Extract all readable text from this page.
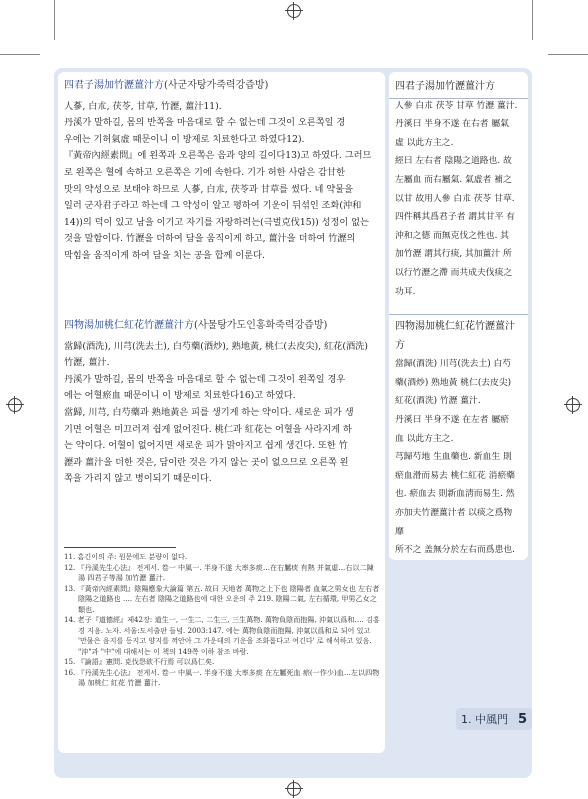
四君子湯加竹瀝薑汁方(사군자탕가죽력강즙방)
人蔘, 白朮, 茯苓, 甘草, 竹瀝, 薑汁11).
丹溪가 말하길, 몸의 반쪽을 마음대로 할 수 없는데 그것이 오른쪽일 경
우에는 기허氣虛 때문이니 이 방제로 치료한다고 하였다12).
『黃帝內經素問』에 왼쪽과 오른쪽은 음과 양의 길이다13)고 하였다. 그러므
로 왼쪽은 혈에 속하고 오른쪽은 기에 속한다. 기가 허한 사람은 감甘한
맛의 약성으로 보태야 하므로 人蔘, 白朮, 茯苓과 甘草를 썼다. 네 약물을
일러 군자君子라고 하는데 그 약성이 알고 평하여 기운이 뒤섞인 조화(沖和
14))의 덕이 있고 남을 이기고 자기를 자랑하려는(극벌克伐15)) 성정이 없는
것을 말함이다. 竹瀝을 더하여 담을 움직이게 하고, 薑汁을 더하여 竹瀝의
막힘을 움직이게 하여 담을 치는 공을 합께 이룬다.
四物湯加桃仁紅花竹瀝薑汁方(사물탕가도인홍화죽력강즙방)
當歸(酒洗), 川芎(洗去土), 白芍藥(酒炒), 熟地黃, 桃仁(去皮尖), 紅花(酒洗)
竹瀝, 薑汁.
丹溪가 말하길, 몸의 반쪽을 마음대로 할 수 없는데 그것이 왼쪽일 경우
에는 어혈瘀血 때문이니 이 방제로 치료한다16)고 하였다.
當歸, 川芎, 白芍藥과 熟地黃은 피를 생기게 하는 약이다. 새로운 피가 생
기면 어혈은 미끄러져 쉽게 없어진다. 桃仁과 紅花는 어혈을 사라지게 하
는 약이다. 어혈이 없어지면 새로운 피가 맑아지고 쉽게 생긴다. 또한 竹
瀝과 薑汁을 더한 것은, 담이란 것은 가지 않는 곳이 없으므로 오른쪽 왼
쪽을 가리지 않고 병이되기 때문이다.
四君子湯加竹瀝薑汁方
人參 白朮 茯苓 甘草 竹瀝 薑汁.
丹溪曰 半身不遂 在右者 屬氣
虛 以此方主之.
經曰 左右者 陰陽之道路也. 故
左屬血 而右屬氣. 氣虛者 補之
以甘 故用人參 白朮 茯苓 甘草.
四件稱其爲君子者 謂其甘平 有
沖和之德 而無克伐之性也. 其
加竹瀝 謂其行痰, 其加薑汁 所
以行竹瀝之滯 而共成夫伐痰之
功耳.
四物湯加桃仁紅花竹瀝薑汁方
當歸(酒洗) 川芎(洗去土) 白芍
藥(酒炒) 熟地黃 桃仁(去皮尖)
紅花(酒洗) 竹瀝 薑汁.
丹溪曰 半身不遂 在左者 屬瘀
血 以此方主之.
芎歸芍地 生血藥也. 新血生 則
瘀血滑而易去 桃仁紅花 消瘀藥
也. 瘀血去 則新血淸而易生. 然
亦加夫竹瀝薑汁者 以痰之爲物 靡
所不之 盖無分於左右而爲患也.
11. 흠긴이의 주: 원문에도 분량이 없다.
12. 『丹溪先生心法』 전게서. 卷一 中風一. 半身不遂 大率多痰…在右屬痰 有熱 并氣虛…右以二陳湯 四君子等湯 加竹瀝 薑汁.
13. 『黃帝內經素問』陰陽應象大論篇 第五. 故曰 天地者 萬物之上下也 陰陽者 血氣之男女也 左右者 陰陽之道路也 …. 左右者 陰陽之道路也에 대한 오운의 주 219. 陰陽二氣, 左右循環, 甲男乙女之類也.
14. 老子『道德經』제42장: 道生一, 一生二, 二生三, 三生萬物. 萬物負陰而抱陽, 沖氣以爲和…. 김홍경 지음. 노자. 서울:도서출판 들녘. 2003:147. 에는 萬物負陰而抱陽, 沖氣以爲和로 되어 있고 '만물은 음지를 등지고 양지를 껴안아 그 가운데의 기운을 조화롭다고 여긴다' 로 해석하고 있음. "沖"과 "中"에 대해서는 이 책의 149쪽 이하 참조 바람.
15. 『論語』憲問. 克伐怨欲不行焉 可以爲仁矣.
16. 『丹溪先生心法』 전게서. 卷一 中風一. 半身不遂 大率多痰 在左屬死血 瘀(一作少)血…左以四物湯 加桃仁 紅花 竹瀝 薑汁.
1. 中風門 5
